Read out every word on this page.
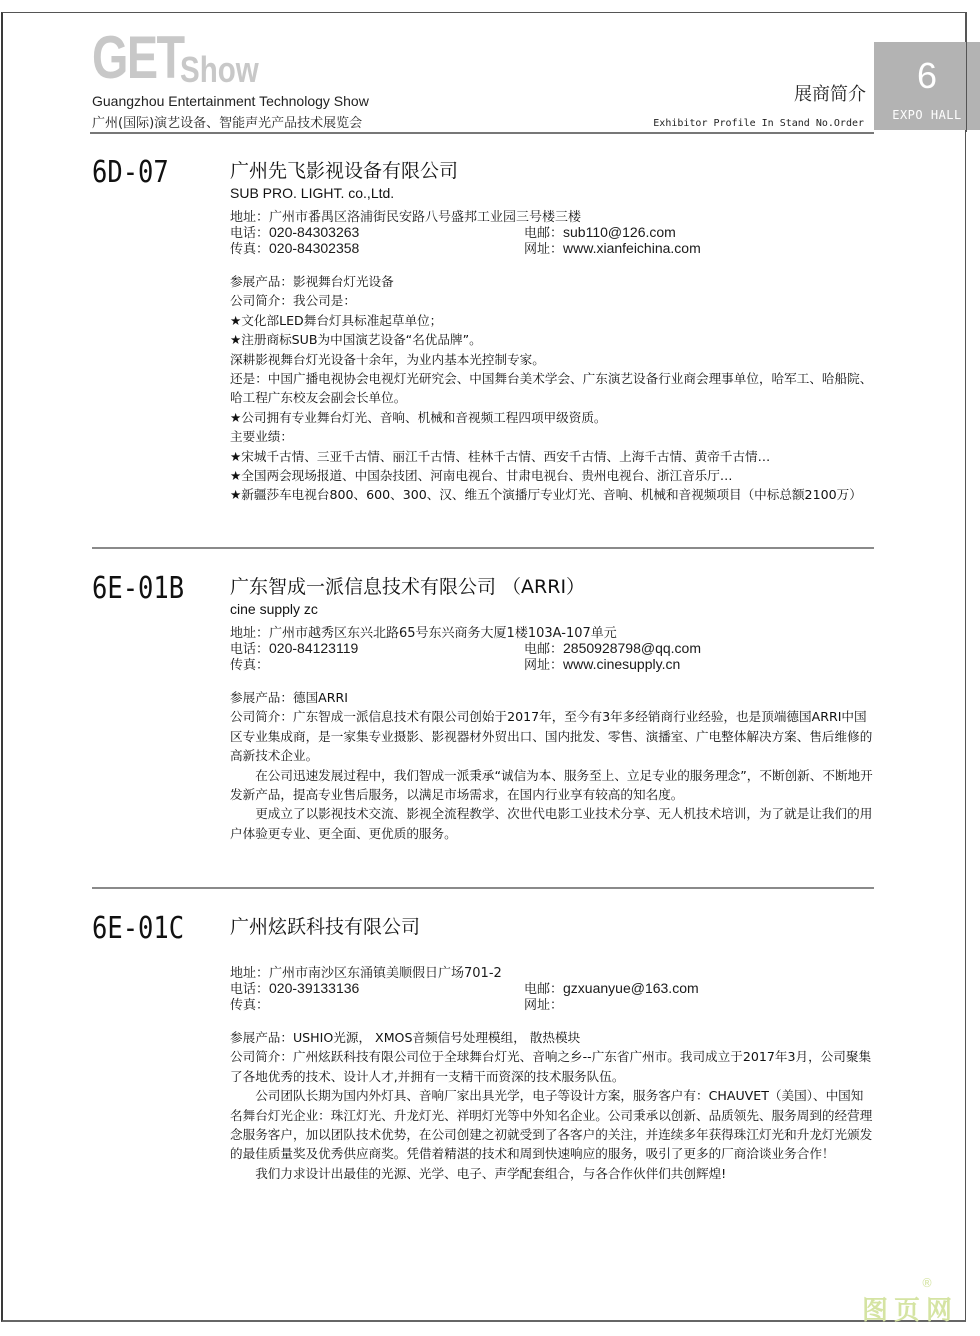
GET
Show
Guangzhou Entertainment Technology Show
广州(国际)演艺设备、智能声光产品技术展览会
展商简介
Exhibitor Profile In Stand No.Order
6
EXPO HALL
6D-07	广州先飞影视设备有限公司
SUB PRO. LIGHT. co.,Ltd.
地址： 广州市番禺区洛浦街民安路八号盛邦工业园三号楼三楼
电话：020-84303263	电邮：sub110@126.com
传真：020-84302358	网址：www.xianfeichina.com

参展产品：影视舞台灯光设备

公司简介：我公司是：

★文化部LED舞台灯具标准起草单位；

★注册商标SUB为中国演艺设备“名优品牌”。

深耕影视舞台灯光设备十余年，为业内基本光控制专家。

还是：中国广播电视协会电视灯光研究会、中国舞台美术学会、广东演艺设备行业商会理事单位，哈军工、哈船院、哈工程广东校友会副会长单位。

★公司拥有专业舞台灯光、音响、机械和音视频工程四项甲级资质。

主要业绩：

★宋城千古情、三亚千古情、丽江千古情、桂林千古情、西安千古情、上海千古情、黄帝千古情…

★全国两会现场报道、中国杂技团、河南电视台、甘肃电视台、贵州电视台、浙江音乐厅…

★新疆莎车电视台800、600、300、汉、维五个演播厅专业灯光、音响、机械和音视频项目（中标总额2100万）

6E-01B 广东智成一派信息技术有限公司 （ARRI）
cine supply zc
地址： 广州市越秀区东兴北路65号东兴商务大厦1楼103A-107单元
电话：020-84123119	电邮：2850928798@qq.com
传真：	网址：www.cinesupply.cn

参展产品：德国ARRI

公司简介：广东智成一派信息技术有限公司创始于2017年，至今有3年多经销商行业经验，也是顶端德国ARRI中国区专业集成商，是一家集专业摄影、影视器材外贸出口、国内批发、零售、演播室、广电整体解决方案、售后维修的高新技术企业。

在公司迅速发展过程中，我们智成一派秉承“诚信为本、服务至上、立足专业的服务理念”，不断创新、不断地开发新产品，提高专业售后服务，以满足市场需求，在国内行业享有较高的知名度。

更成立了以影视技术交流、影视全流程教学、次世代电影工业技术分享、无人机技术培训，为了就是让我们的用户体验更专业、更全面、更优质的服务。

6E-01C 广州炫跃科技有限公司
地址： 广州市南沙区东涌镇美顺假日广场701-2
电话：020-39133136	电邮：gzxuanyue@163.com
传真：	网址：

参展产品：USHIO光源， XMOS音频信号处理模组， 散热模块

公司简介：广州炫跃科技有限公司位于全球舞台灯光、音响之乡--广东省广州市。我司成立于2017年3月，公司聚集了各地优秀的技术、设计人才,并拥有一支精干而资深的技术服务队伍。

公司团队长期为国内外灯具、音响厂家出具光学，电子等设计方案，服务客户有：CHAUVET（美国）、中国知名舞台灯光企业：珠江灯光、升龙灯光、祥明灯光等中外知名企业。公司秉承以创新、品质领先、服务周到的经营理念服务客户，加以团队技术优势，在公司创建之初就受到了各客户的关注，并连续多年获得珠江灯光和升龙灯光颁发的最佳质量奖及优秀供应商奖。凭借着精湛的技术和周到快速响应的服务，吸引了更多的厂商洽谈业务合作！

我们力求设计出最佳的光源、光学、电子、声学配套组合，与各合作伙伴们共创辉煌!

®
图页网
